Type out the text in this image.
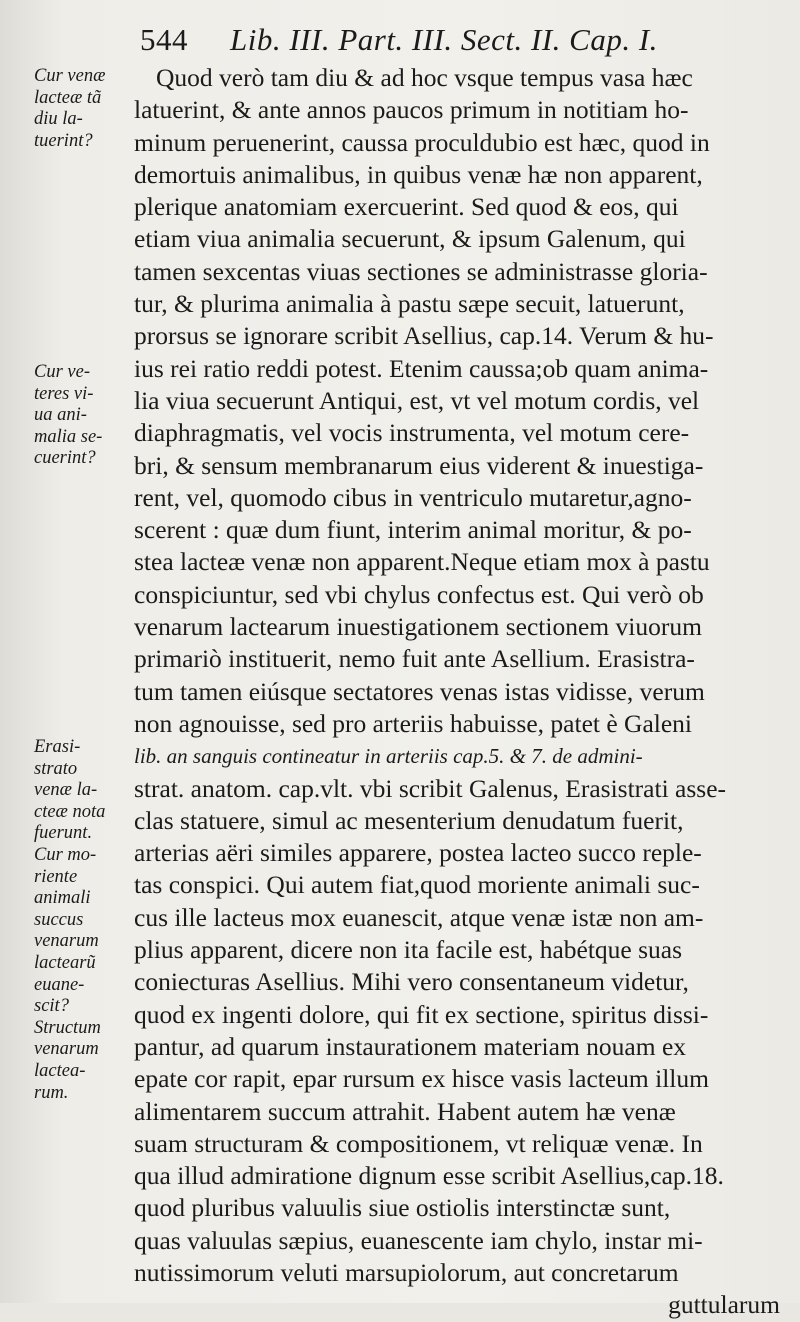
544 Lib. III. Part. III. Sect. II. Cap. I.
Cur venæ
lacteæ tã
diu la-
tuerint?
Cur ve-
teres vi-
ua ani-
malia se-
cuerint?
Erasi-
strato
venæ la-
cteæ nota
fuerunt.
Cur mo-
riente
animali
succus
venarum
lactearũ
euane-
scit?
Structum
venarum
lactea-
rum.
Quod verò tam diu & ad hoc vsque tempus vasa hæc
latuerint, & ante annos paucos primum in notitiam ho-
minum peruenerint, caussa proculdubio est hæc, quod in
demortuis animalibus, in quibus venæ hæ non apparent,
plerique anatomiam exercuerint. Sed quod & eos, qui
etiam viua animalia secuerunt, & ipsum Galenum, qui
tamen sexcentas viuas sectiones se administrasse gloria-
tur, & plurima animalia à pastu sæpe secuit, latuerunt,
prorsus se ignorare scribit Asellius, cap.14. Verum & hu-
ius rei ratio reddi potest. Etenim caussa;ob quam anima-
lia viua secuerunt Antiqui, est, vt vel motum cordis, vel
diaphragmatis, vel vocis instrumenta, vel motum cere-
bri, & sensum membranarum eius viderent & inuestiga-
rent, vel, quomodo cibus in ventriculo mutaretur,agno-
scerent : quæ dum fiunt, interim animal moritur, & po-
stea lacteæ venæ non apparent.Neque etiam mox à pastu
conspiciuntur, sed vbi chylus confectus est. Qui verò ob
venarum lactearum inuestigationem sectionem viuorum
primariò instituerit, nemo fuit ante Asellium. Erasistra-
tum tamen eiúsque sectatores venas istas vidisse, verum
non agnouisse, sed pro arteriis habuisse, patet è Galeni
lib. an sanguis contineatur in arteriis cap.5. & 7. de admini-
strat. anatom. cap.vlt. vbi scribit Galenus, Erasistrati asse-
clas statuere, simul ac mesenterium denudatum fuerit,
arterias aëri similes apparere, postea lacteo succo reple-
tas conspici. Qui autem fiat,quod moriente animali suc-
cus ille lacteus mox euanescit, atque venæ istæ non am-
plius apparent, dicere non ita facile est, habétque suas
coniecturas Asellius. Mihi vero consentaneum videtur,
quod ex ingenti dolore, qui fit ex sectione, spiritus dissi-
pantur, ad quarum instaurationem materiam nouam ex
epate cor rapit, epar rursum ex hisce vasis lacteum illum
alimentarem succum attrahit. Habent autem hæ venæ
suam structuram & compositionem, vt reliquæ venæ. In
qua illud admiratione dignum esse scribit Asellius,cap.18.
quod pluribus valuulis siue ostiolis interstinctæ sunt,
quas valuulas sæpius, euanescente iam chylo, instar mi-
nutissimorum veluti marsupiolorum, aut concretarum
guttularum
